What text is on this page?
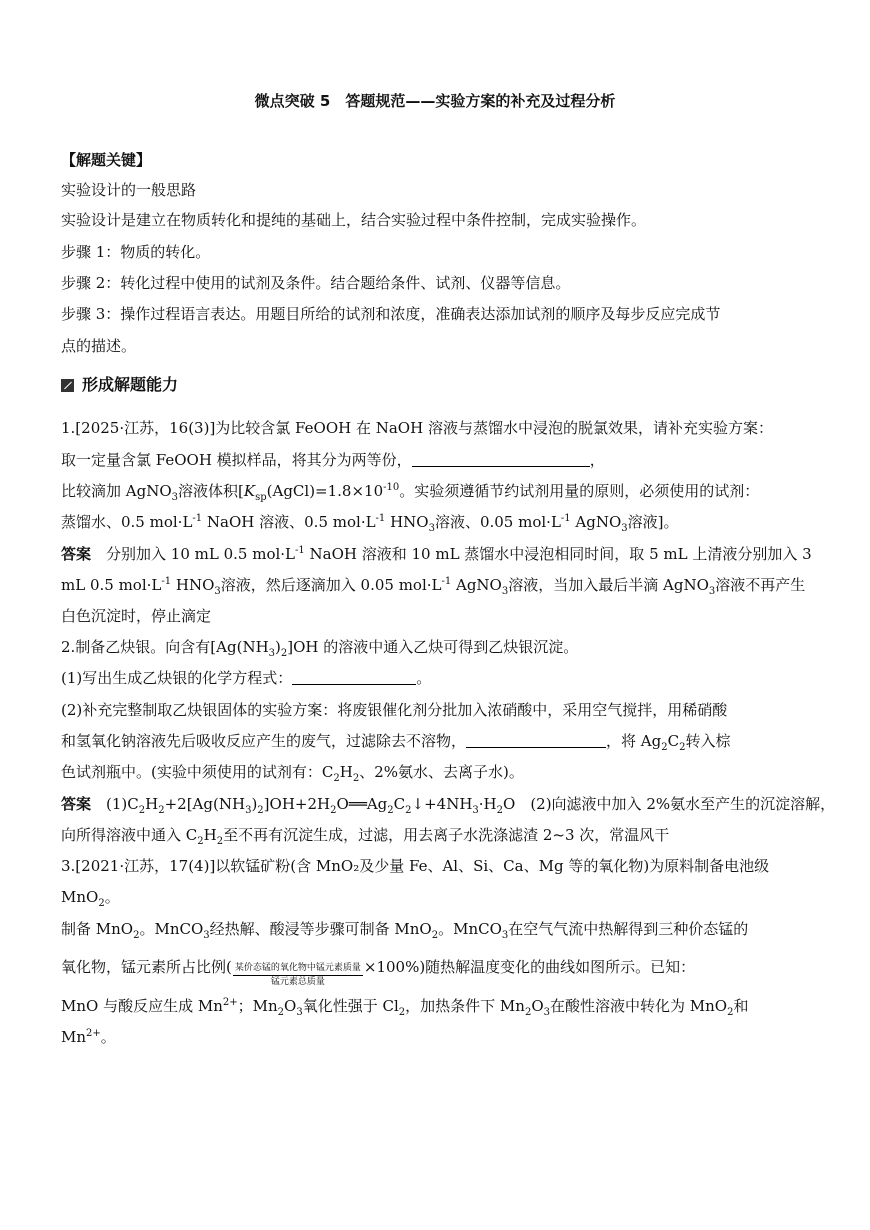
微点突破 5　答题规范——实验方案的补充及过程分析
【解题关键】
实验设计的一般思路
实验设计是建立在物质转化和提纯的基础上，结合实验过程中条件控制，完成实验操作。
步骤 1：物质的转化。
步骤 2：转化过程中使用的试剂及条件。结合题给条件、试剂、仪器等信息。
步骤 3：操作过程语言表达。用题目所给的试剂和浓度，准确表达添加试剂的顺序及每步反应完成节
点的描述。
形成解题能力
1.[2025·江苏，16(3)]为比较含氯 FeOOH 在 NaOH 溶液与蒸馏水中浸泡的脱氯效果，请补充实验方案：
取一定量含氯 FeOOH 模拟样品，将其分为两等份，	，
比较滴加 AgNO$_3$溶液体积[$K_{sp}(AgCl)=1.8\times 10^{-10}$。实验须遵循节约试剂用量的原则，必须使用的试剂：
蒸馏水、0.5 $mol\cdot L^{-1}$ NaOH 溶液、0.5 $mol\cdot L^{-1}$ $HNO_3$溶液、0.05 $mol\cdot L^{-1}$ AgNO$_3$溶液]。
答案　分别加入 10 mL 0.5 $mol\cdot L^{-1}$ NaOH 溶液和 10 mL 蒸馏水中浸泡相同时间，取 5 mL 上清液分别加入 3
mL 0.5 $mol\cdot L^{-1}$ $HNO_3$溶液，然后逐滴加入 0.05 $mol\cdot L^{-1}$ AgNO$_3$溶液，当加入最后半滴 AgNO$_3$溶液不再产生
白色沉淀时，停止滴定
2.制备乙炔银。向含有$[Ag(NH_3)_2]OH$ 的溶液中通入乙炔可得到乙炔银沉淀。
(1)写出生成乙炔银的化学方程式：	。
(2)补充完整制取乙炔银固体的实验方案：将废银催化剂分批加入浓硝酸中，采用空气搅拌，用稀硝酸
和氢氧化钠溶液先后吸收反应产生的废气，过滤除去不溶物，	，将 $Ag_2C_2$转入棕
色试剂瓶中。(实验中须使用的试剂有：$C_2H_2$、2%氨水、去离子水)。
答案　$(1)C_2H_2+2[Ag(NH_3)_2]OH+2H_2O══Ag_2C_2↓+4NH_3\cdot H_2O$　(2)向滤液中加入 2%氨水至产生的沉淀溶解，
向所得溶液中通入 $C_2H_2$至不再有沉淀生成，过滤，用去离子水洗涤滤渣 2~3 次，常温风干
3.[2021·江苏，17(4)]以软锰矿粉(含 MnO₂及少量 Fe、Al、Si、Ca、Mg 等的氧化物)为原料制备电池级
MnO$_2$。
制备 MnO$_2$。MnCO$_3$经热解、酸浸等步骤可制备 MnO$_2$。MnCO$_3$在空气气流中热解得到三种价态锰的
氧化物，锰元素所占比例( $\frac{\text{某价态锰的氧化物中锰元素质量}}{\text{锰元素总质量}} \times 100\%$)随热解温度变化的曲线如图所示。已知：
MnO 与酸反应生成 $Mn^{2+}$；$Mn_2O_3$氧化性强于 $Cl_2$，加热条件下 $Mn_2O_3$在酸性溶液中转化为 MnO$_2$和
$Mn^{2+}$。
